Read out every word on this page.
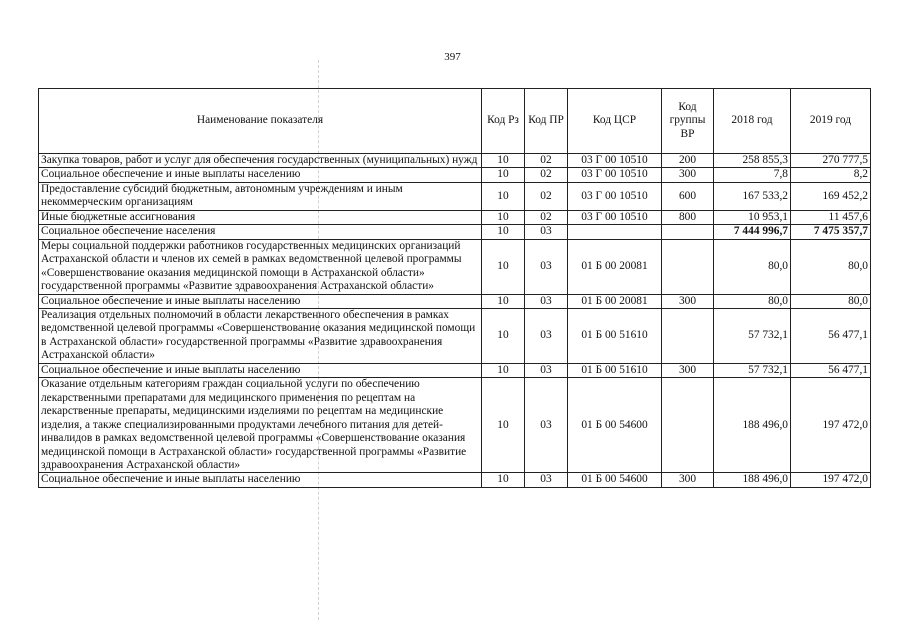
397
Наименование показателя	Код Рз	Код ПР	Код ЦСР	Код группы ВР	2018 год	2019 год
Закупка товаров, работ и услуг для обеспечения государственных (муниципальных) нужд	10	02	03 Г 00 10510	200	258 855,3	270 777,5
Социальное обеспечение и иные выплаты населению	10	02	03 Г 00 10510	300	7,8	8,2
Предоставление субсидий бюджетным, автономным учреждениям и иным некоммерческим организациям	10	02	03 Г 00 10510	600	167 533,2	169 452,2
Иные бюджетные ассигнования	10	02	03 Г 00 10510	800	10 953,1	11 457,6
Социальное обеспечение населения	10	03			7 444 996,7	7 475 357,7
Меры социальной поддержки работников государственных медицинских организаций Астраханской области и членов их семей в рамках ведомственной целевой программы «Совершенствование оказания медицинской помощи в Астраханской области» государственной программы «Развитие здравоохранения Астраханской области»	10	03	01 Б 00 20081		80,0	80,0
Социальное обеспечение и иные выплаты населению	10	03	01 Б 00 20081	300	80,0	80,0
Реализация отдельных полномочий в области лекарственного обеспечения в рамках ведомственной целевой программы «Совершенствование оказания медицинской помощи в Астраханской области» государственной программы «Развитие здравоохранения Астраханской области»	10	03	01 Б 00 51610		57 732,1	56 477,1
Социальное обеспечение и иные выплаты населению	10	03	01 Б 00 51610	300	57 732,1	56 477,1
Оказание отдельным категориям граждан социальной услуги по обеспечению лекарственными препаратами для медицинского применения по рецептам на лекарственные препараты, медицинскими изделиями по рецептам на медицинские изделия, а также специализированными продуктами лечебного питания для детей-инвалидов в рамках ведомственной целевой программы «Совершенствование оказания медицинской помощи в Астраханской области» государственной программы «Развитие здравоохранения Астраханской области»	10	03	01 Б 00 54600		188 496,0	197 472,0
Социальное обеспечение и иные выплаты населению	10	03	01 Б 00 54600	300	188 496,0	197 472,0
